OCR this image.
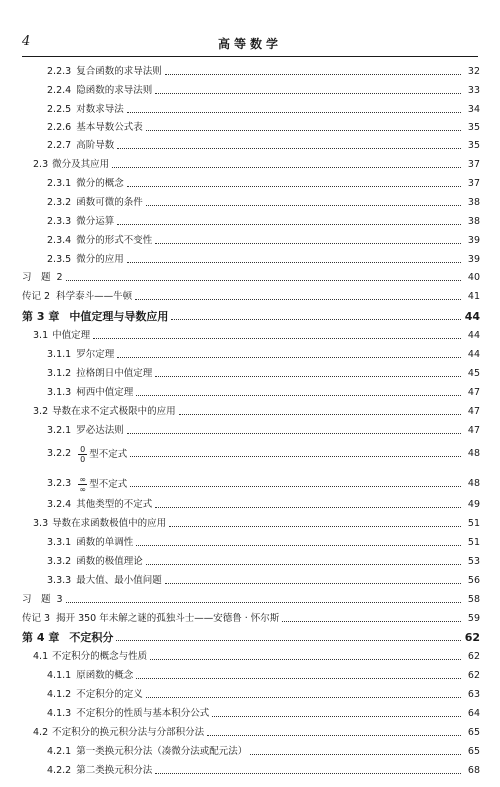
4	高等数学
2.2.3 复合函数的求导法则	32
2.2.4 隐函数的求导法则	33
2.2.5 对数求导法	34
2.2.6 基本导数公式表	35
2.2.7 高阶导数	35
2.3 微分及其应用	37
2.3.1 微分的概念	37
2.3.2 函数可微的条件	38
2.3.3 微分运算	38
2.3.4 微分的形式不变性	39
2.3.5 微分的应用	39
习　题 2	40
传记 2 科学泰斗——牛顿	41
第 3 章 中值定理与导数应用	44
3.1 中值定理	44
3.1.1 罗尔定理	44
3.1.2 拉格朗日中值定理	45
3.1.3 柯西中值定理	47
3.2 导数在求不定式极限中的应用	47
3.2.1 罗必达法则	47
$3.2.2 \frac{0}{0}$ 型不定式	48
$3.2.3 \frac{\infty}{\infty}$ 型不定式	48
3.2.4 其他类型的不定式	49
3.3 导数在求函数极值中的应用	51
3.3.1 函数的单调性	51
3.3.2 函数的极值理论	53
3.3.3 最大值、最小值问题	56
习　题 3	58
传记 3 揭开 350 年未解之谜的孤独斗士——安德鲁 · 怀尔斯	59
第 4 章 不定积分	62
4.1 不定积分的概念与性质	62
4.1.1 原函数的概念	62
4.1.2 不定积分的定义	63
4.1.3 不定积分的性质与基本积分公式	64
4.2 不定积分的换元积分法与分部积分法	65
4.2.1 第一类换元积分法（凑微分法或配元法）	65
4.2.2 第二类换元积分法	68
